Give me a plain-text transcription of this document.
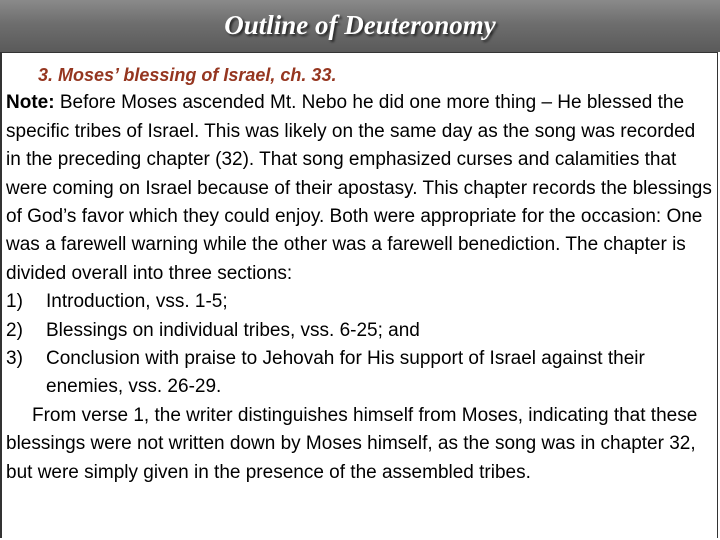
Outline of Deuteronomy

3. Moses’ blessing of Israel, ch. 33.

Note: Before Moses ascended Mt. Nebo he did one more thing – He blessed the specific tribes of Israel. This was likely on the same day as the song was recorded in the preceding chapter (32). That song emphasized curses and calamities that were coming on Israel because of their apostasy. This chapter records the blessings of God’s favor which they could enjoy. Both were appropriate for the occasion: One was a farewell warning while the other was a farewell benediction. The chapter is divided overall into three sections:

1)	Introduction, vss. 1-5;
2)	Blessings on individual tribes, vss. 6-25; and
3)	Conclusion with praise to Jehovah for His support of Israel against their enemies, vss. 26-29.

From verse 1, the writer distinguishes himself from Moses, indicating that these blessings were not written down by Moses himself, as the song was in chapter 32, but were simply given in the presence of the assembled tribes.
